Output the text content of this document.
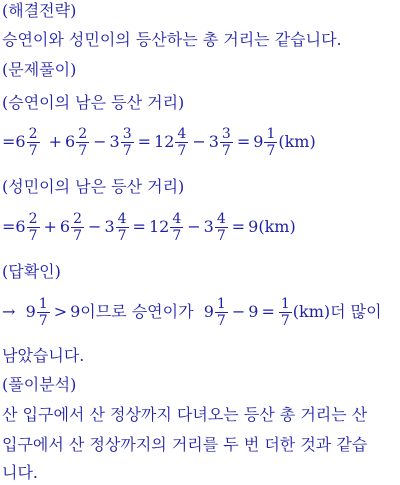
(해결전략)
승연이와 성민이의 등산하는 총 거리는 같습니다.
(문제풀이)
(승연이의 남은 등산 거리)
$=6 \frac{2}{7} + 6 \frac{2}{7} - 3 \frac{3}{7} = 12 \frac{4}{7} - 3 \frac{3}{7} = 9 \frac{1}{7} (km)$
(성민이의 남은 등산 거리)
$=6 \frac{2}{7} + 6 \frac{2}{7} - 3 \frac{4}{7} = 12 \frac{4}{7} - 3 \frac{4}{7} = 9(km)$
(답확인)
→ $9 \frac{1}{7} > 9$이므로 승연이가 $9 \frac{1}{7} - 9 = \frac{1}{7} (km)$더 많이
남았습니다.
(풀이분석)
산 입구에서 산 정상까지 다녀오는 등산 총 거리는 산
입구에서 산 정상까지의 거리를 두 번 더한 것과 같습
니다.
